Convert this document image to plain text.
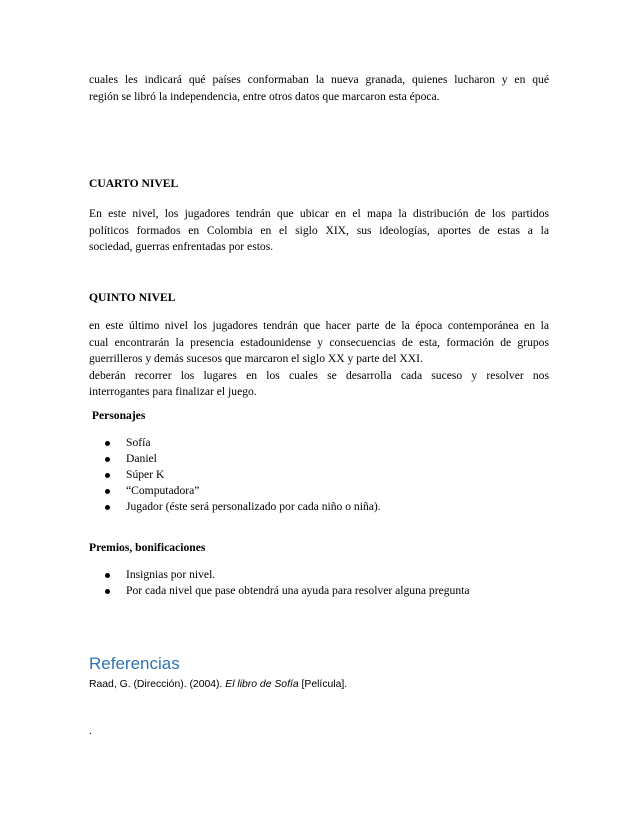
cuales les indicará qué países conformaban la nueva granada, quienes lucharon y en qué
región se libró la independencia, entre otros datos que marcaron esta época.
CUARTO NIVEL
En este nivel, los jugadores tendrán que ubicar en el mapa la distribución de los partidos
políticos formados en Colombia en el siglo XIX, sus ideologías, aportes de estas a la
sociedad, guerras enfrentadas por estos.
QUINTO NIVEL
en este último nivel los jugadores tendrán que hacer parte de la época contemporánea en la
cual encontrarán la presencia estadounidense y consecuencias de esta, formación de grupos
guerrilleros y demás sucesos que marcaron el siglo XX y parte del XXI.
deberán recorrer los lugares en los cuales se desarrolla cada suceso y resolver nos
interrogantes para finalizar el juego.
Personajes
Sofía
Daniel
Súper K
“Computadora”
Jugador (éste será personalizado por cada niño o niña).
Premios, bonificaciones
Insignias por nivel.
Por cada nivel que pase obtendrá una ayuda para resolver alguna pregunta
Referencias
Raad, G. (Dirección). (2004). El libro de Sofía [Película].
.
